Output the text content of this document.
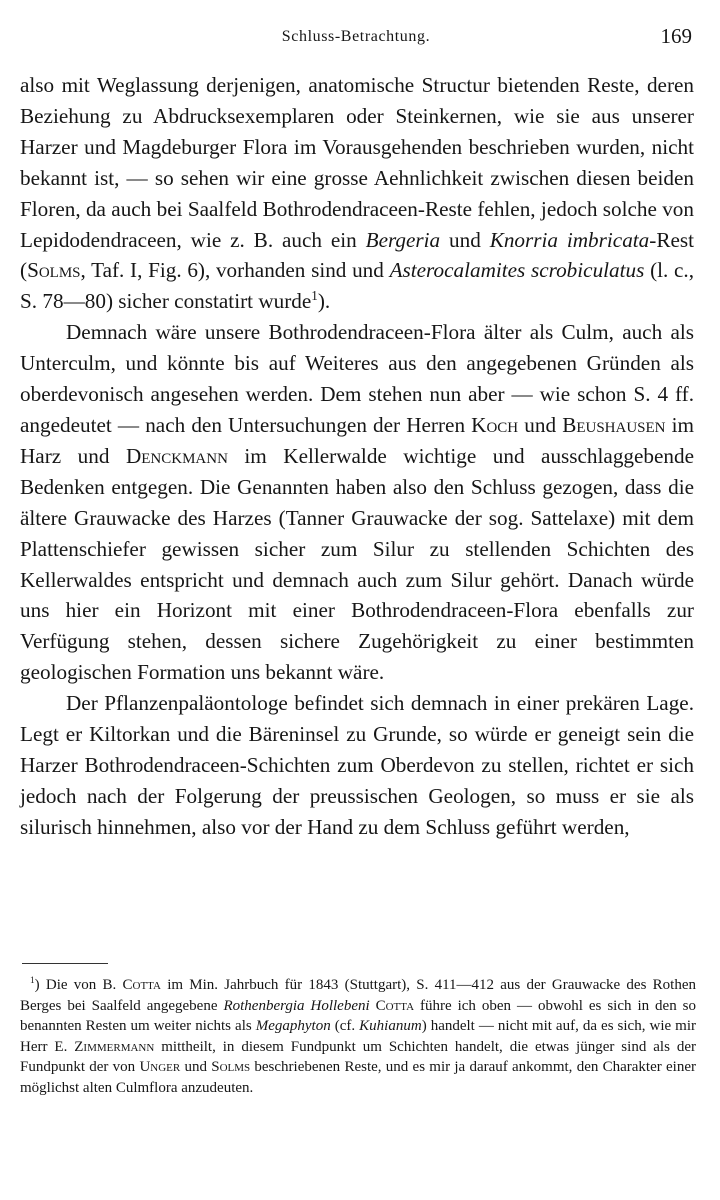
Schluss-Betrachtung.	169

also mit Weglassung derjenigen, anatomische Structur bietenden Reste, deren Beziehung zu Abdrucksexemplaren oder Steinkernen, wie sie aus unserer Harzer und Magdeburger Flora im Vorausgehenden beschrieben wurden, nicht bekannt ist, — so sehen wir eine grosse Aehnlichkeit zwischen diesen beiden Floren, da auch bei Saalfeld Bothrodendraceen-Reste fehlen, jedoch solche von Lepidodendraceen, wie z. B. auch ein Bergeria und Knorria imbricata-Rest (Solms, Taf. I, Fig. 6), vorhanden sind und Asterocalamites scrobiculatus (l. c., S. 78—80) sicher constatirt wurde$^1$).

Demnach wäre unsere Bothrodendraceen-Flora älter als Culm, auch als Unterculm, und könnte bis auf Weiteres aus den angegebenen Gründen als oberdevonisch angesehen werden. Dem stehen nun aber — wie schon S. 4 ff. angedeutet — nach den Untersuchungen der Herren Koch und Beushausen im Harz und Denckmann im Kellerwalde wichtige und ausschlaggebende Bedenken entgegen. Die Genannten haben also den Schluss gezogen, dass die ältere Grauwacke des Harzes (Tanner Grauwacke der sog. Sattelaxe) mit dem Plattenschiefer gewissen sicher zum Silur zu stellenden Schichten des Kellerwaldes entspricht und demnach auch zum Silur gehört. Danach würde uns hier ein Horizont mit einer Bothrodendraceen-Flora ebenfalls zur Verfügung stehen, dessen sichere Zugehörigkeit zu einer bestimmten geologischen Formation uns bekannt wäre.

Der Pflanzenpaläontologe befindet sich demnach in einer prekären Lage. Legt er Kiltorkan und die Bäreninsel zu Grunde, so würde er geneigt sein die Harzer Bothrodendraceen-Schichten zum Oberdevon zu stellen, richtet er sich jedoch nach der Folgerung der preussischen Geologen, so muss er sie als silurisch hinnehmen, also vor der Hand zu dem Schluss geführt werden,

$^1$) Die von B. Cotta im Min. Jahrbuch für 1843 (Stuttgart), S. 411—412 aus der Grauwacke des Rothen Berges bei Saalfeld angegebene Rothenbergia Hollebeni Cotta führe ich oben — obwohl es sich in den so benannten Resten um weiter nichts als Megaphyton (cf. Kuhianum) handelt — nicht mit auf, da es sich, wie mir Herr E. Zimmermann mittheilt, in diesem Fundpunkt um Schichten handelt, die etwas jünger sind als der Fundpunkt der von Unger und Solms beschriebenen Reste, und es mir ja darauf ankommt, den Charakter einer möglichst alten Culmflora anzudeuten.
